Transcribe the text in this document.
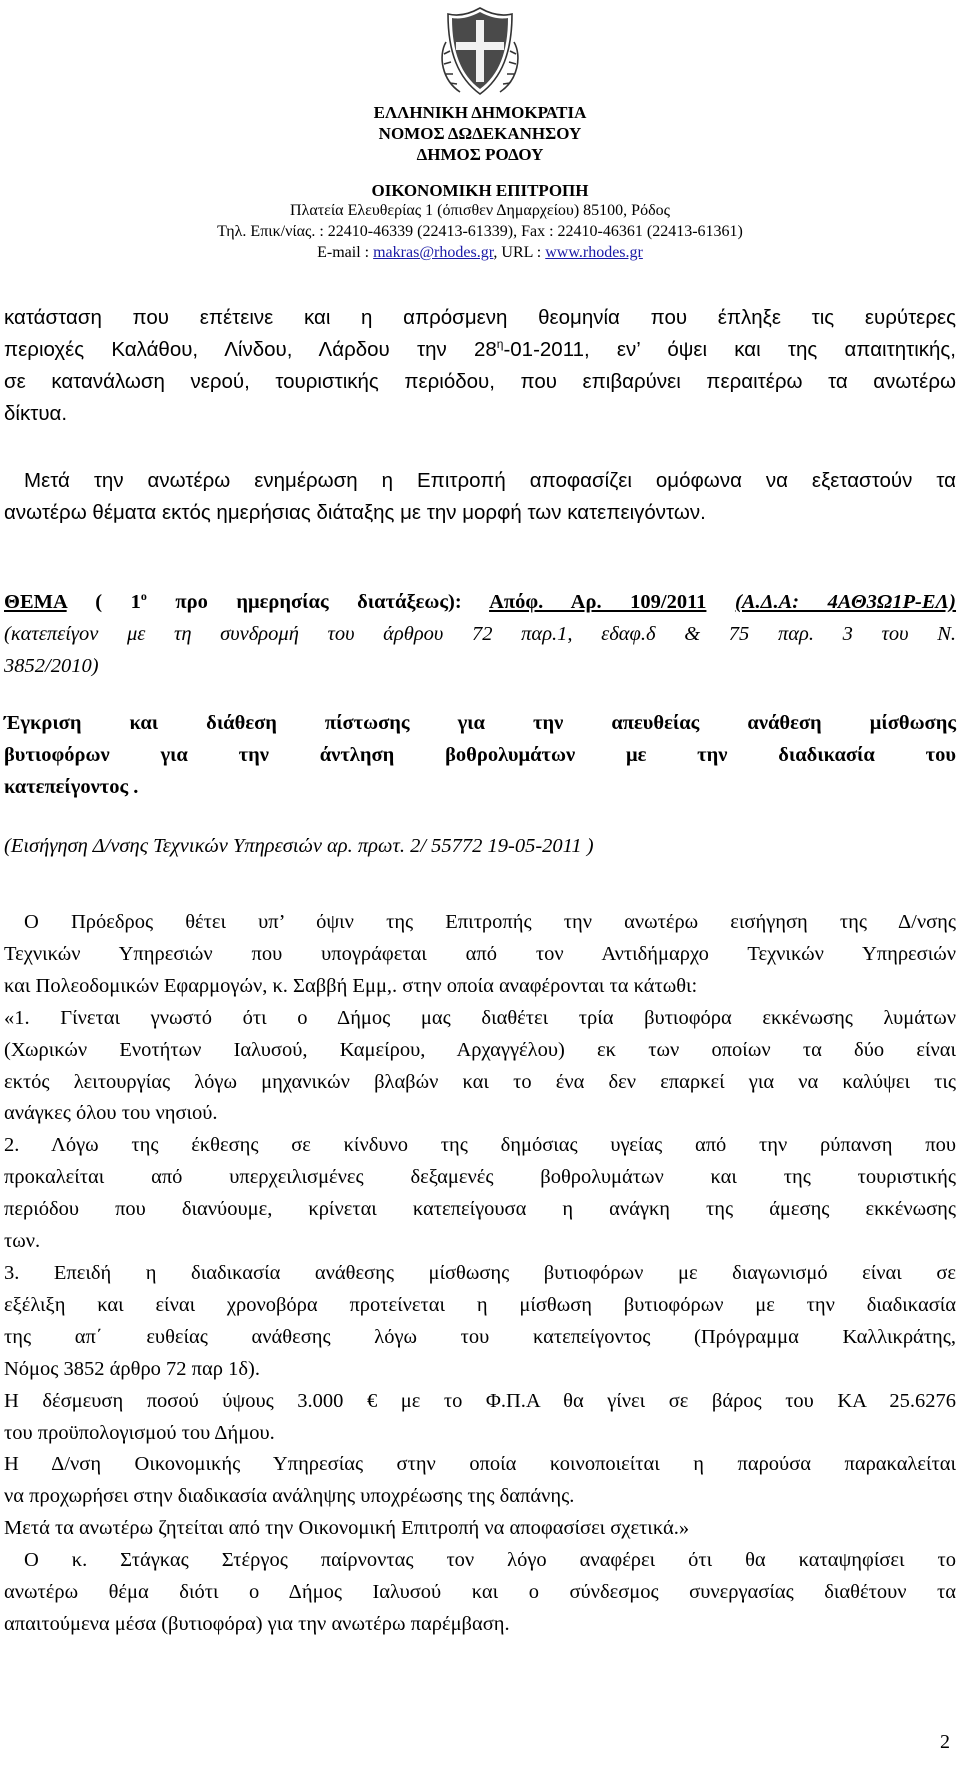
ΕΛΛΗΝΙΚΗ ΔΗΜΟΚΡΑΤΙΑ
ΝΟΜΟΣ ΔΩΔΕΚΑΝΗΣΟΥ
ΔΗΜΟΣ ΡΟΔΟΥ
ΟΙΚΟΝΟΜΙΚΗ ΕΠΙΤΡΟΠΗ
Πλατεία Ελευθερίας 1 (όπισθεν Δημαρχείου) 85100, Ρόδος
Τηλ. Επικ/νίας. : 22410-46339 (22413-61339), Fax : 22410-46361 (22413-61361)
E-mail : makras@rhodes.gr, URL : www.rhodes.gr
κατάσταση που επέτεινε και η απρόσμενη θεομηνία που έπληξε τις ευρύτερες
περιοχές Καλάθου, Λίνδου, Λάρδου την $28^\eta-01-2011$, εν’ όψει και της απαιτητικής,
σε κατανάλωση νερού, τουριστικής περιόδου, που επιβαρύνει περαιτέρω τα ανωτέρω
δίκτυα.
Μετά την ανωτέρω ενημέρωση η Επιτροπή αποφασίζει ομόφωνα να εξεταστούν τα
ανωτέρω θέματα εκτός ημερήσιας διάταξης με την μορφή των κατεπειγόντων.
ΘΕΜΑ ( $1^o$ προ ημερησίας διατάξεως): Απόφ. Αρ. 109/2011 (Α.Δ.Α: 4ΑΘ3Ω1Ρ-ΕΛ)
(κατεπείγον με τη συνδρομή του άρθρου 72 παρ.1, εδαφ.δ & 75 παρ. 3 του Ν.
3852/2010)
Έγκριση και διάθεση πίστωσης για την απευθείας ανάθεση μίσθωσης
βυτιοφόρων για την άντληση βοθρολυμάτων με την διαδικασία του
κατεπείγοντος .
(Εισήγηση Δ/νσης Τεχνικών Υπηρεσιών αρ. πρωτ. 2/ 55772 19-05-2011 )
Ο Πρόεδρος θέτει υπ’ όψιν της Επιτροπής την ανωτέρω εισήγηση της Δ/νσης
Τεχνικών Υπηρεσιών που υπογράφεται από τον Αντιδήμαρχο Τεχνικών Υπηρεσιών
και Πολεοδομικών Εφαρμογών, κ. Σαββή Εμμ,. στην οποία αναφέρονται τα κάτωθι:
«1. Γίνεται γνωστό ότι ο Δήμος μας διαθέτει τρία βυτιοφόρα εκκένωσης λυμάτων
(Χωρικών Ενοτήτων Ιαλυσού, Καμείρου, Αρχαγγέλου) εκ των οποίων τα δύο είναι
εκτός λειτουργίας λόγω μηχανικών βλαβών και το ένα δεν επαρκεί για να καλύψει τις
ανάγκες όλου του νησιού.
2. Λόγω της έκθεσης σε κίνδυνο της δημόσιας υγείας από την ρύπανση που
προκαλείται από υπερχειλισμένες δεξαμενές βοθρολυμάτων και της τουριστικής
περιόδου που διανύουμε, κρίνεται κατεπείγουσα η ανάγκη της άμεσης εκκένωσης
των.
3. Επειδή η διαδικασία ανάθεσης μίσθωσης βυτιοφόρων με διαγωνισμό είναι σε
εξέλιξη και είναι χρονοβόρα προτείνεται η μίσθωση βυτιοφόρων με την διαδικασία
της απ΄ ευθείας ανάθεσης λόγω του κατεπείγοντος (Πρόγραμμα Καλλικράτης,
Νόμος 3852 άρθρο 72 παρ 1δ).
Η δέσμευση ποσού ύψους 3.000 € με το Φ.Π.Α θα γίνει σε βάρος του ΚΑ 25.6276
του προϋπολογισμού του Δήμου.
Η Δ/νση Οικονομικής Υπηρεσίας στην οποία κοινοποιείται η παρούσα παρακαλείται
να προχωρήσει στην διαδικασία ανάληψης υποχρέωσης της δαπάνης.
Μετά τα ανωτέρω ζητείται από την Οικονομική Επιτροπή να αποφασίσει σχετικά.»
Ο κ. Στάγκας Στέργος παίρνοντας τον λόγο αναφέρει ότι θα καταψηφίσει το
ανωτέρω θέμα διότι ο Δήμος Ιαλυσού και ο σύνδεσμος συνεργασίας διαθέτουν τα
απαιτούμενα μέσα (βυτιοφόρα) για την ανωτέρω παρέμβαση.
2
